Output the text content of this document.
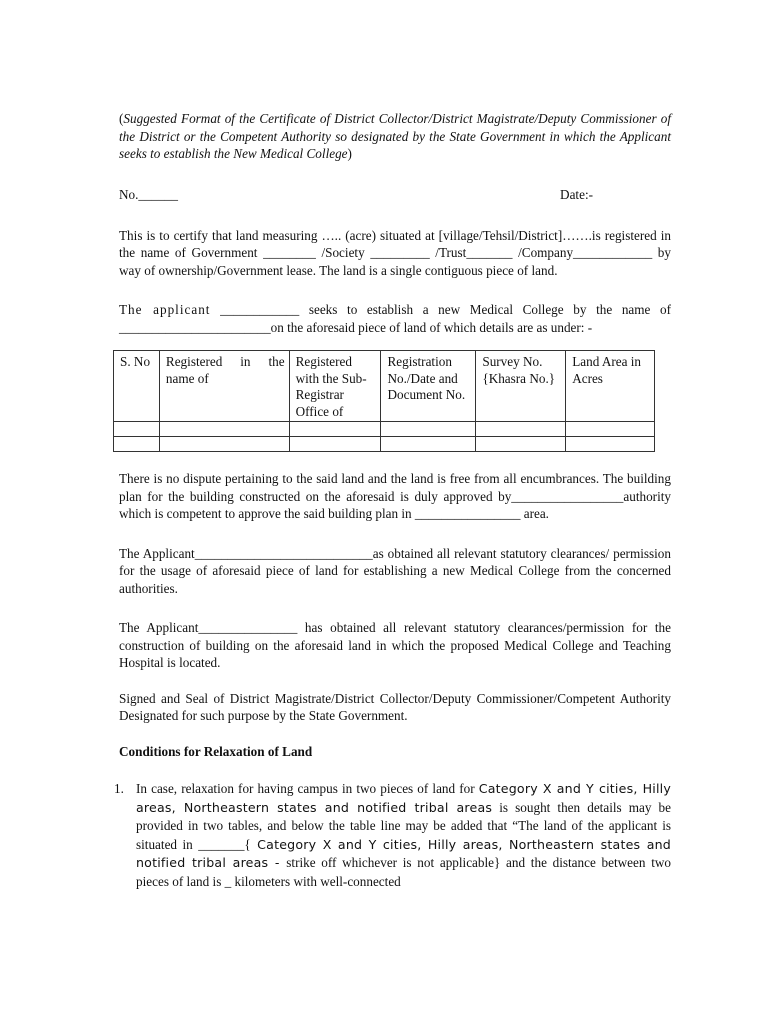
(Suggested Format of the Certificate of District Collector/District Magistrate/Deputy Commissioner of the District or the Competent Authority so designated by the State Government in which the Applicant seeks to establish the New Medical College)

No.______	Date:-

This is to certify that land measuring ….. (acre) situated at [village/Tehsil/District]…….is registered in the name of Government ________ /Society _________ /Trust_______ /Company____________ by way of ownership/Government lease. The land is a single contiguous piece of land.

The applicant ____________ seeks to establish a new Medical College by the name of _______________________on the aforesaid piece of land of which details are as under: -

S. No	Registered in the name of	Registered with the Sub-Registrar Office of	Registration No./Date and Document No.	Survey No. {Khasra No.}	Land Area in Acres

There is no dispute pertaining to the said land and the land is free from all encumbrances. The building plan for the building constructed on the aforesaid is duly approved by_________________authority which is competent to approve the said building plan in ________________ area.

The Applicant___________________________as obtained all relevant statutory clearances/ permission for the usage of aforesaid piece of land for establishing a new Medical College from the concerned authorities.

The Applicant_______________ has obtained all relevant statutory clearances/permission for the construction of building on the aforesaid land in which the proposed Medical College and Teaching Hospital is located.

Signed and Seal of District Magistrate/District Collector/Deputy Commissioner/Competent Authority Designated for such purpose by the State Government.

Conditions for Relaxation of Land

1. In case, relaxation for having campus in two pieces of land for Category X and Y cities, Hilly areas, Northeastern states and notified tribal areas is sought then details may be provided in two tables, and below the table line may be added that “The land of the applicant is situated in _______{ Category X and Y cities, Hilly areas, Northeastern states and notified tribal areas - strike off whichever is not applicable} and the distance between two pieces of land is _ kilometers with well-connected
